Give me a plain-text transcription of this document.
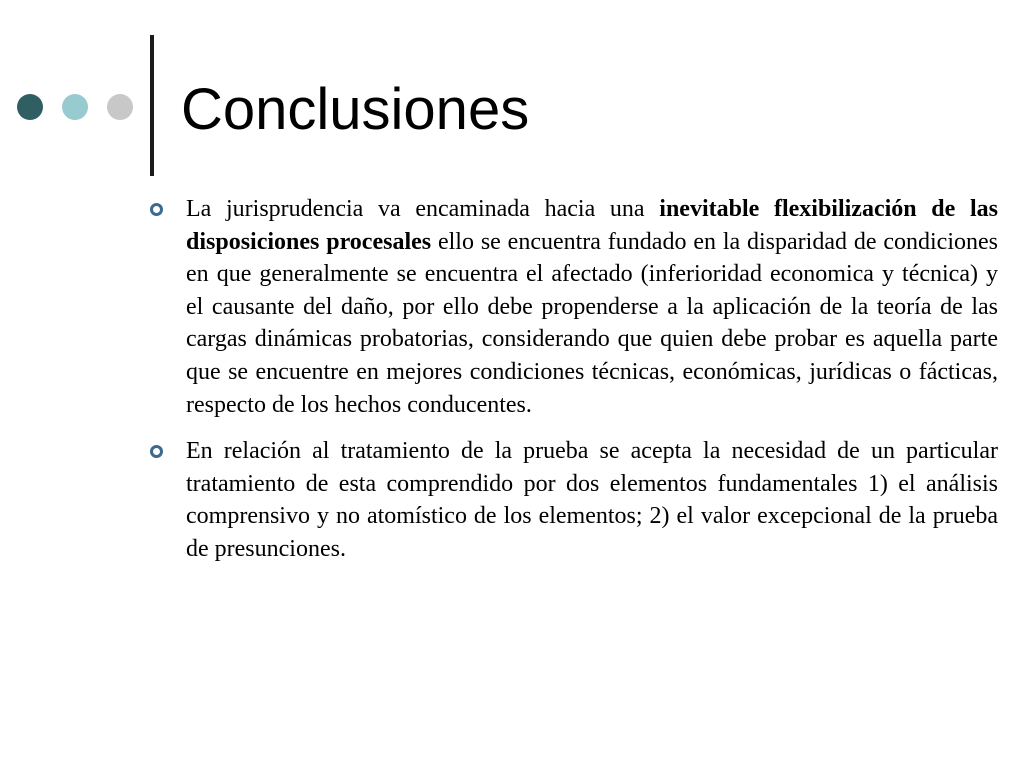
Conclusiones
La jurisprudencia va encaminada hacia una inevitable flexibilización de las disposiciones procesales ello se encuentra fundado en la disparidad de condiciones en que generalmente se encuentra el afectado (inferioridad economica y técnica) y el causante del daño, por ello debe propenderse a la aplicación de la teoría de las cargas dinámicas probatorias, considerando que quien debe probar es aquella parte que se encuentre en mejores condiciones técnicas, económicas, jurídicas o fácticas, respecto de los hechos conducentes.
En relación al tratamiento de la prueba se acepta la necesidad de un particular tratamiento de esta comprendido por dos elementos fundamentales 1) el análisis comprensivo y no atomístico de los elementos; 2) el valor excepcional de la prueba de presunciones.
